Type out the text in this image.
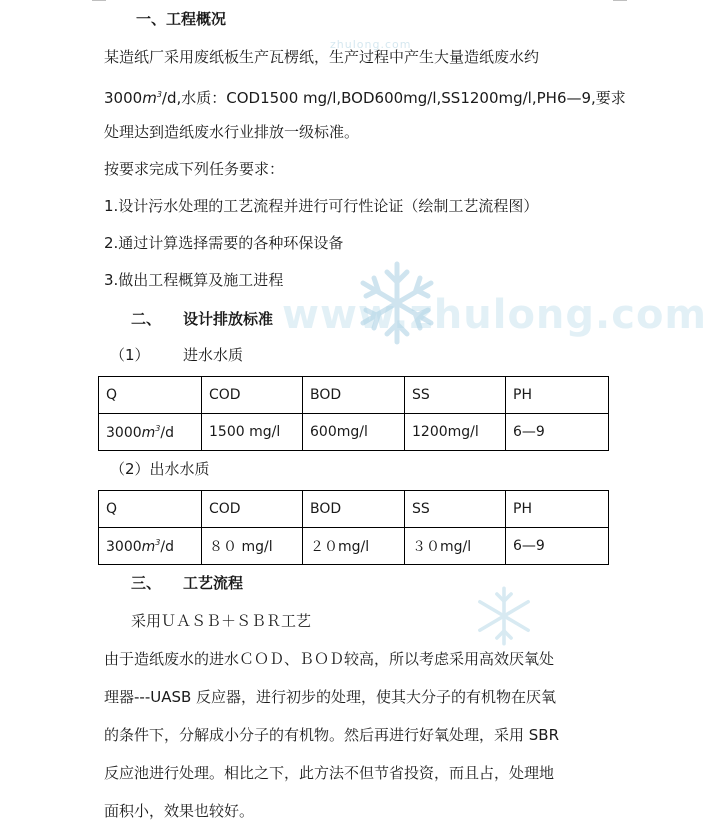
zhulong.com
www.zhulong.com
一、工程概况
某造纸厂采用废纸板生产瓦楞纸，生产过程中产生大量造纸废水约
$3000m^3/d$,水质：COD1500 mg/l,BOD600mg/l,SS1200mg/l,PH6—9,要求
处理达到造纸废水行业排放一级标准。
按要求完成下列任务要求：
1.设计污水处理的工艺流程并进行可行性论证（绘制工艺流程图）
2.通过计算选择需要的各种环保设备
3.做出工程概算及施工进程
二、 设计排放标准
（1） 进水水质
Q	COD	BOD	SS	PH
$3000m^3/d$	1500 mg/l	600mg/l	1200mg/l	6—9
（2）出水水质
Q	COD	BOD	SS	PH
$3000m^3/d$	８０ mg/l	２０mg/l	３０mg/l	6—9
三、 工艺流程
采用ＵＡＳＢ＋ＳＢＲ工艺
由于造纸废水的进水ＣＯＤ、ＢＯＤ较高，所以考虑采用高效厌氧处
理器---UASB 反应器，进行初步的处理，使其大分子的有机物在厌氧
的条件下，分解成小分子的有机物。然后再进行好氧处理，采用 SBR
反应池进行处理。相比之下，此方法不但节省投资，而且占，处理地
面积小，效果也较好。
